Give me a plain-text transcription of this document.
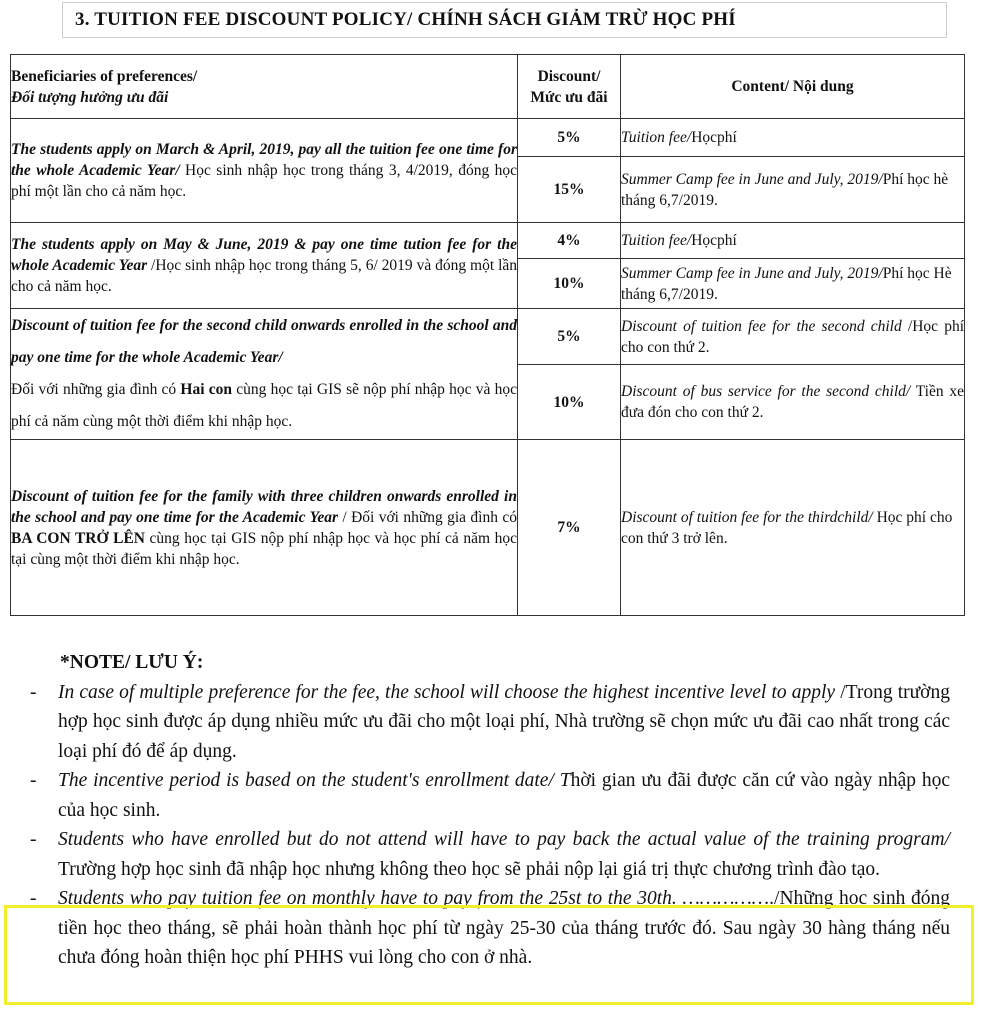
3. TUITION FEE DISCOUNT POLICY/ CHÍNH SÁCH GIẢM TRỪ HỌC PHÍ
Beneficiaries of preferences/
Đối tượng hưởng ưu đãi	Discount/ Mức ưu đãi	Content/ Nội dung
The students apply on March & April, 2019, pay all the tuition fee one time for the whole Academic Year/ Học sinh nhập học trong tháng 3, 4/2019, đóng học phí một lần cho cả năm học.	5%	Tuition fee/Họcphí
	15%	Summer Camp fee in June and July, 2019/Phí học hè tháng 6,7/2019.
The students apply on May & June, 2019 & pay one time tution fee for the whole Academic Year /Học sinh nhập học trong tháng 5, 6/ 2019 và đóng một lần cho cả năm học.	4%	Tuition fee/Họcphí
	10%	Summer Camp fee in June and July, 2019/Phí học Hè tháng 6,7/2019.
Discount of tuition fee for the second child onwards enrolled in the school and pay one time for the whole Academic Year/
Đối với những gia đình có Hai con cùng học tại GIS sẽ nộp phí nhập học và học phí cả năm cùng một thời điểm khi nhập học.	5%	Discount of tuition fee for the second child /Học phí cho con thứ 2.
	10%	Discount of bus service for the second child/ Tiền xe đưa đón cho con thứ 2.
Discount of tuition fee for the family with three children onwards enrolled in the school and pay one time for the Academic Year / Đối với những gia đình có BA CON TRỞ LÊN cùng học tại GIS nộp phí nhập học và học phí cả năm học tại cùng một thời điểm khi nhập học.	7%	Discount of tuition fee for the thirdchild/ Học phí cho con thứ 3 trở lên.
*NOTE/ LƯU Ý:
-	In case of multiple preference for the fee, the school will choose the highest incentive level to apply /Trong trường hợp học sinh được áp dụng nhiều mức ưu đãi cho một loại phí, Nhà trường sẽ chọn mức ưu đãi cao nhất trong các loại phí đó để áp dụng.
-	The incentive period is based on the student's enrollment date/ Thời gian ưu đãi được căn cứ vào ngày nhập học của học sinh.
-	Students who have enrolled but do not attend will have to pay back the actual value of the training program/ Trường hợp học sinh đã nhập học nhưng không theo học sẽ phải nộp lại giá trị thực chương trình đào tạo.
-	Students who pay tuition fee on monthly have to pay from the 25st to the 30th. ……………./Những học sinh đóng tiền học theo tháng, sẽ phải hoàn thành học phí từ ngày 25-30 của tháng trước đó. Sau ngày 30 hàng tháng nếu chưa đóng hoàn thiện học phí PHHS vui lòng cho con ở nhà.
